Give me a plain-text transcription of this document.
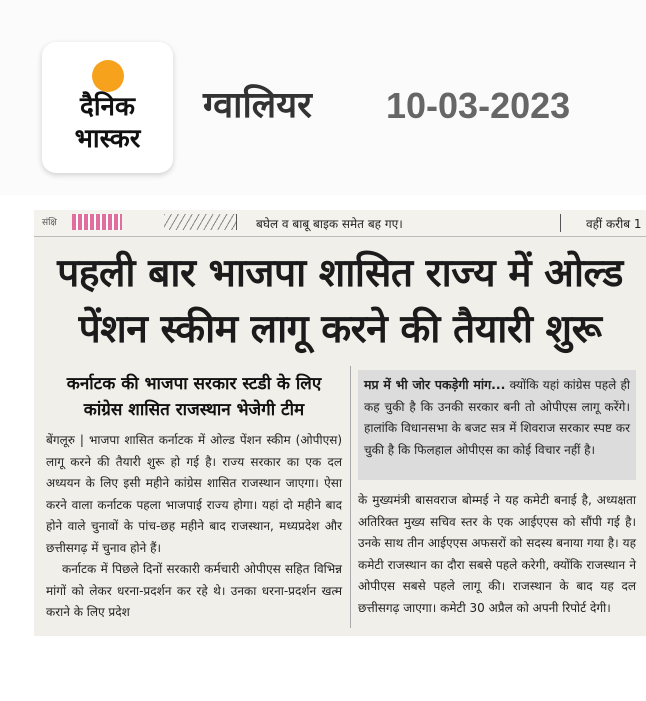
दैनिक
भास्कर
ग्वालियर 10-03-2023
संक्षि	बघेल व बाबू बाइक समेत बह गए।	वहीं करीब 1
पहली बार भाजपा शासित राज्य में ओल्ड
पेंशन स्कीम लागू करने की तैयारी शुरू
कर्नाटक की भाजपा सरकार स्टडी के लिए
कांग्रेस शासित राजस्थान भेजेगी टीम
बेंगलूरु | भाजपा शासित कर्नाटक में ओल्ड पेंशन स्कीम (ओपीएस) लागू करने की तैयारी शुरू हो गई है। राज्य सरकार का एक दल अध्ययन के लिए इसी महीने कांग्रेस शासित राजस्थान जाएगा। ऐसा करने वाला कर्नाटक पहला भाजपाई राज्य होगा। यहां दो महीने बाद होने वाले चुनावों के पांच-छह महीने बाद राजस्थान, मध्यप्रदेश और छत्तीसगढ़ में चुनाव होने हैं।
कर्नाटक में पिछले दिनों सरकारी कर्मचारी ओपीएस सहित विभिन्न मांगों को लेकर धरना-प्रदर्शन कर रहे थे। उनका धरना-प्रदर्शन खत्म कराने के लिए प्रदेश
मप्र में भी जोर पकड़ेगी मांग... क्योंकि यहां कांग्रेस पहले ही कह चुकी है कि उनकी सरकार बनी तो ओपीएस लागू करेंगे। हालांकि विधानसभा के बजट सत्र में शिवराज सरकार स्पष्ट कर चुकी है कि फिलहाल ओपीएस का कोई विचार नहीं है।
के मुख्यमंत्री बासवराज बोम्मई ने यह कमेटी बनाई है, अध्यक्षता अतिरिक्त मुख्य सचिव स्तर के एक आईएएस को सौंपी गई है। उनके साथ तीन आईएएस अफसरों को सदस्य बनाया गया है। यह कमेटी राजस्थान का दौरा सबसे पहले करेगी, क्योंकि राजस्थान ने ओपीएस सबसे पहले लागू की। राजस्थान के बाद यह दल छत्तीसगढ़ जाएगा। कमेटी 30 अप्रैल को अपनी रिपोर्ट देगी।
